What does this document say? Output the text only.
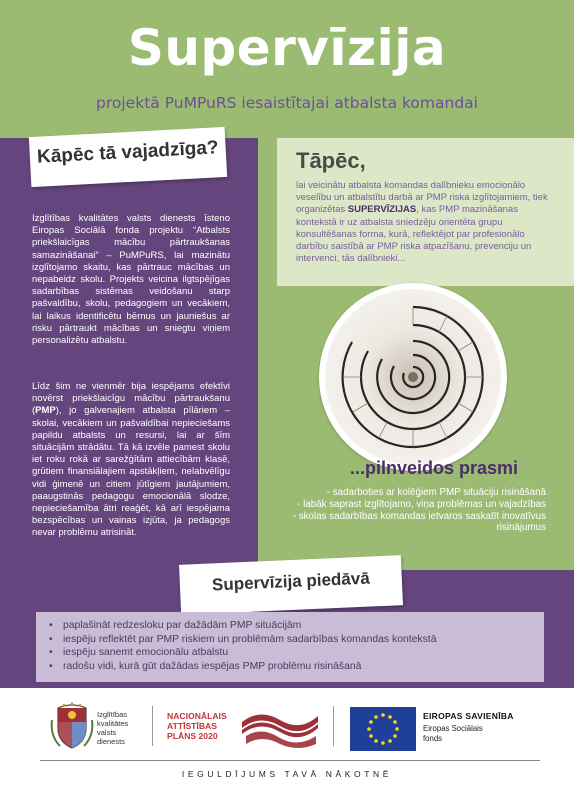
Supervīzija
projektā PuMPuRS iesaistītajai atbalsta komandai
Kāpēc tā vajadzīga?
Izglītības kvalitātes valsts dienests īsteno Eiropas Sociālā fonda projektu “Atbalsts priekšlaicīgas mācību pārtraukšanas samazināšanai” – PuMPuRS, lai mazinātu izglītojamo skaitu, kas pārtrauc mācības un nepabeidz skolu. Projekts veicina ilgtspējīgas sadarbības sistēmas veidošanu starp pašvaldību, skolu, pedagogiem un vecākiem, lai laikus identificētu bērnus un jauniešus ar risku pārtraukt mācības un sniegtu viņiem personalizētu atbalstu.
Līdz šim ne vienmēr bija iespējams efektīvi novērst priekšlaicīgu mācību pārtraukšanu (PMP), jo galvenajiem atbalsta pīlāriem – skolai, vecākiem un pašvaldībai nepieciešams papildu atbalsts un resursi, lai ar šīm situācijām strādātu. Tā kā izvēle pamest skolu iet roku rokā ar sarežģītām attiecībām klasē, grūtiem finansiālajiem apstākļiem, nelabvēlīgu vidi ģimenē un citiem jūtīgiem jautājumiem, paaugstinās pedagogu emocionālā slodze, nepieciešamība ātri reaģēt, kā arī iespējama bezspēcības un vainas izjūta, ja pedagogs nevar problēmu atrisināt.
Tāpēc,
lai veicinātu atbalsta komandas dalībnieku emocionālo veselību un atbalstītu darbā ar PMP riska izglītojamiem, tiek organizētas SUPERVĪZIJAS, kas PMP mazināšanas kontekstā ir uz atbalsta sniedzēju orientēta grupu konsultēšanas forma, kurā, reflektējot par profesionālo darbību saistībā ar PMP riska atpazīšanu, prevenciju un intervenci, tās dalībnieki...
...pilnveidos prasmi
- sadarboties ar kolēģiem PMP situāciju risināšanā
- labāk saprast izglītojamo, viņa problēmas un vajadzības
- skolas sadarbības komandas ietvaros saskatīt inovatīvus risinājumus
Supervīzija piedāvā
• paplašināt redzesloku par dažādām PMP situācijām
• iespēju reflektēt par PMP riskiem un problēmām sadarbības komandas kontekstā
• iespēju sanemt emocionālu atbalstu
• radošu vidi, kurā gūt dažādas iespējas PMP problēmu risināšanā
Izglītības
kvalitātes
valsts
dienests
NACIONĀLAIS
ATTĪSTĪBAS
PLĀNS 2020
EIROPAS SAVIENĪBA
Eiropas Sociālais
fonds
IEGULDĪJUMS TAVĀ NĀKOTNĒ
